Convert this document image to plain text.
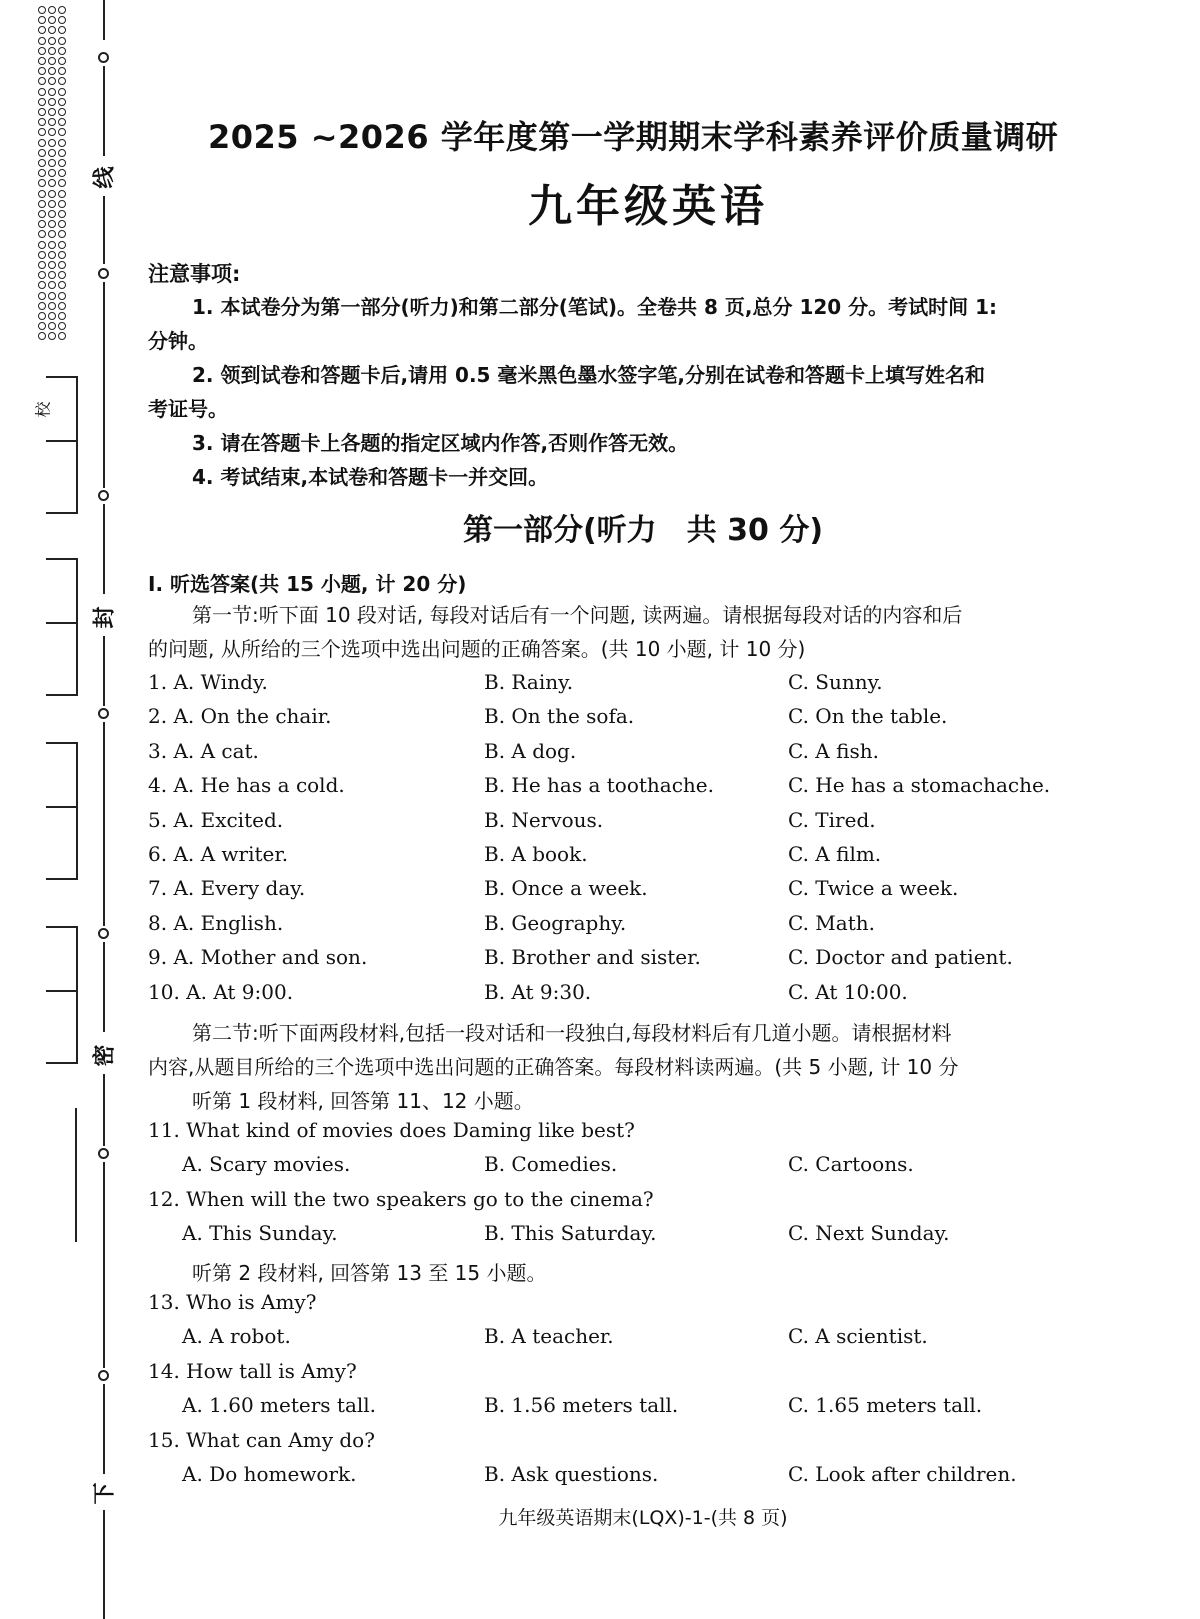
线
封
密
下
校
2025 ~2026 学年度第一学期期末学科素养评价质量调研
九年级英语
注意事项:
1. 本试卷分为第一部分(听力)和第二部分(笔试)。全卷共 8 页,总分 120 分。考试时间 1:
分钟。
2. 领到试卷和答题卡后,请用 0.5 毫米黑色墨水签字笔,分别在试卷和答题卡上填写姓名和
考证号。
3. 请在答题卡上各题的指定区域内作答,否则作答无效。
4. 考试结束,本试卷和答题卡一并交回。
第一部分(听力　共 30 分)
Ⅰ. 听选答案(共 15 小题, 计 20 分)
第一节:听下面 10 段对话, 每段对话后有一个问题, 读两遍。请根据每段对话的内容和后
的问题, 从所给的三个选项中选出问题的正确答案。(共 10 小题, 计 10 分)
1. A. Windy.	B. Rainy.	C. Sunny.
2. A. On the chair.	B. On the sofa.	C. On the table.
3. A. A cat.	B. A dog.	C. A fish.
4. A. He has a cold.	B. He has a toothache.	C. He has a stomachache.
5. A. Excited.	B. Nervous.	C. Tired.
6. A. A writer.	B. A book.	C. A film.
7. A. Every day.	B. Once a week.	C. Twice a week.
8. A. English.	B. Geography.	C. Math.
9. A. Mother and son.	B. Brother and sister.	C. Doctor and patient.
10. A. At 9:00.	B. At 9:30.	C. At 10:00.
第二节:听下面两段材料,包括一段对话和一段独白,每段材料后有几道小题。请根据材料
内容,从题目所给的三个选项中选出问题的正确答案。每段材料读两遍。(共 5 小题, 计 10 分
听第 1 段材料, 回答第 11、12 小题。
听第 2 段材料, 回答第 13 至 15 小题。
11. What kind of movies does Daming like best?
A. Scary movies.	B. Comedies.	C. Cartoons.
12. When will the two speakers go to the cinema?
A. This Sunday.	B. This Saturday.	C. Next Sunday.
13. Who is Amy?
A. A robot.	B. A teacher.	C. A scientist.
14. How tall is Amy?
A. 1.60 meters tall.	B. 1.56 meters tall.	C. 1.65 meters tall.
15. What can Amy do?
A. Do homework.	B. Ask questions.	C. Look after children.
九年级英语期末(LQX)-1-(共 8 页)
